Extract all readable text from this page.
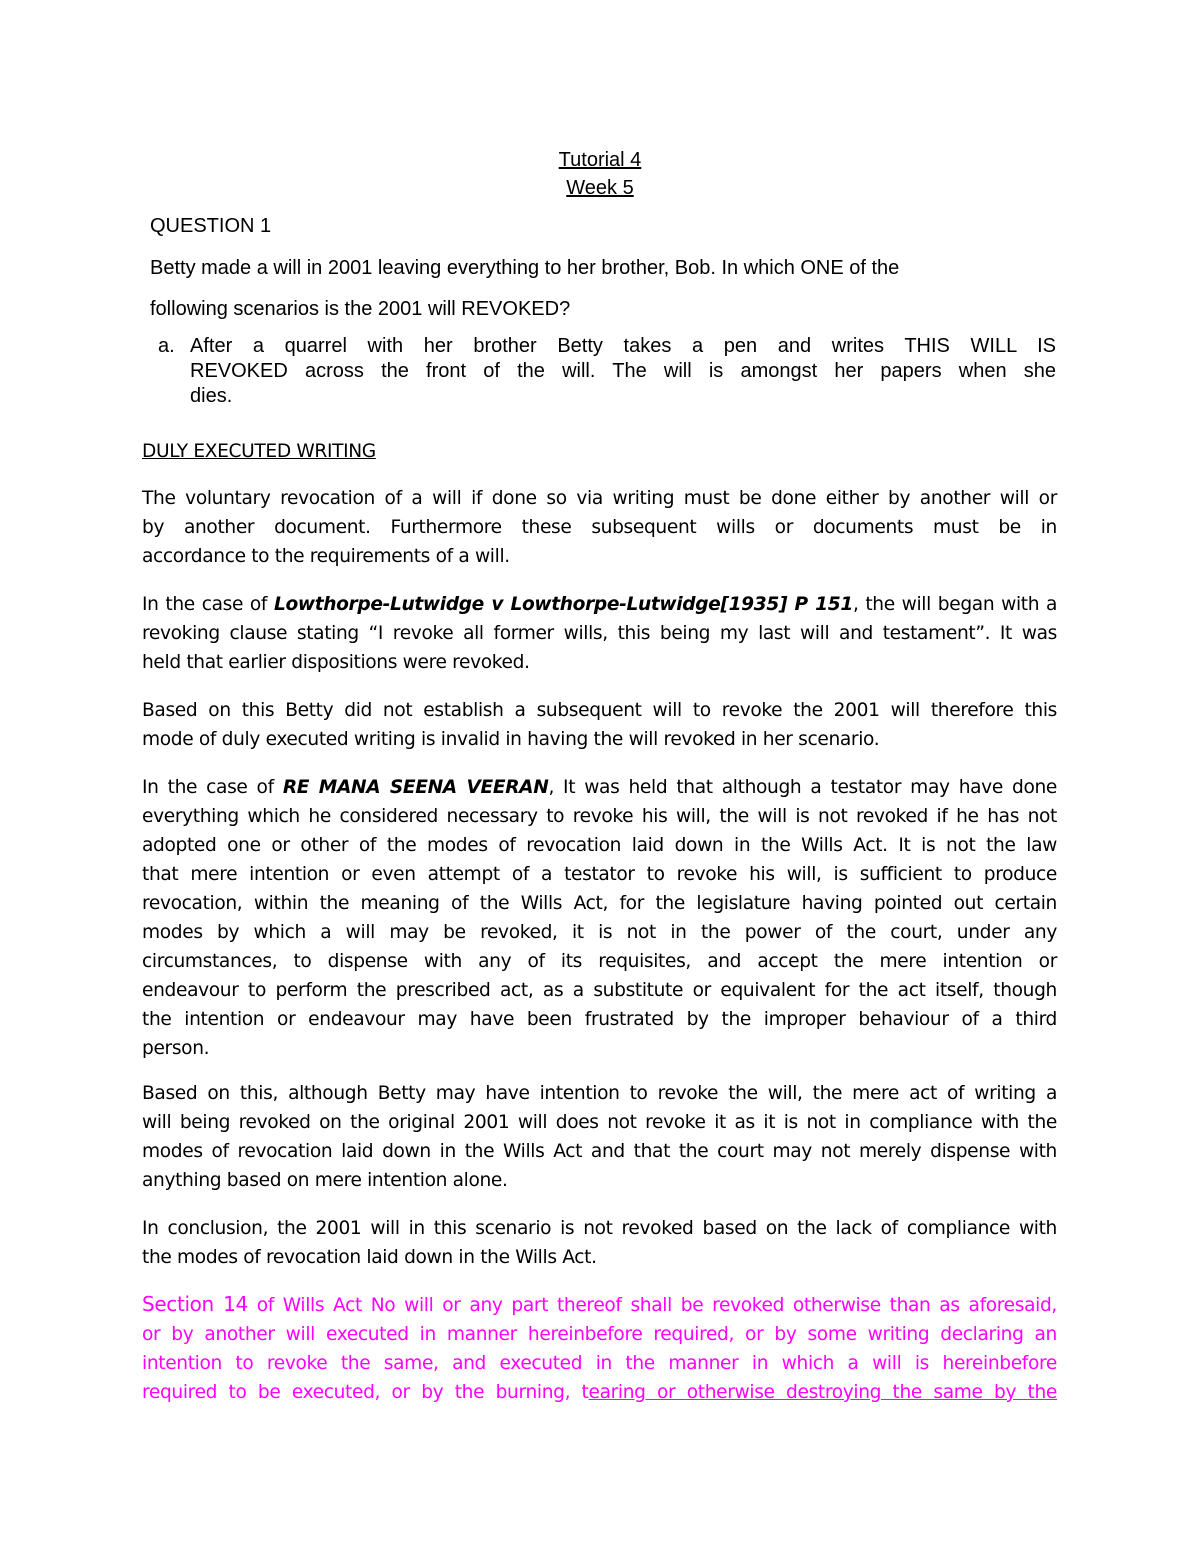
Tutorial 4
Week 5
QUESTION 1
Betty made a will in 2001 leaving everything to her brother, Bob. In which ONE of the
following scenarios is the 2001 will REVOKED?
a. After a quarrel with her brother Betty takes a pen and writes THIS WILL IS
REVOKED across the front of the will. The will is amongst her papers when she
dies.
DULY EXECUTED WRITING
The voluntary revocation of a will if done so via writing must be done either by another will or
by another document. Furthermore these subsequent wills or documents must be in
accordance to the requirements of a will.
In the case of Lowthorpe-Lutwidge v Lowthorpe-Lutwidge[1935] P 151, the will began with a
revoking clause stating “I revoke all former wills, this being my last will and testament”. It was
held that earlier dispositions were revoked.
Based on this Betty did not establish a subsequent will to revoke the 2001 will therefore this
mode of duly executed writing is invalid in having the will revoked in her scenario.
In the case of RE MANA SEENA VEERAN, It was held that although a testator may have done
everything which he considered necessary to revoke his will, the will is not revoked if he has not
adopted one or other of the modes of revocation laid down in the Wills Act. It is not the law
that mere intention or even attempt of a testator to revoke his will, is sufficient to produce
revocation, within the meaning of the Wills Act, for the legislature having pointed out certain
modes by which a will may be revoked, it is not in the power of the court, under any
circumstances, to dispense with any of its requisites, and accept the mere intention or
endeavour to perform the prescribed act, as a substitute or equivalent for the act itself, though
the intention or endeavour may have been frustrated by the improper behaviour of a third
person.
Based on this, although Betty may have intention to revoke the will, the mere act of writing a
will being revoked on the original 2001 will does not revoke it as it is not in compliance with the
modes of revocation laid down in the Wills Act and that the court may not merely dispense with
anything based on mere intention alone.
In conclusion, the 2001 will in this scenario is not revoked based on the lack of compliance with
the modes of revocation laid down in the Wills Act.
Section 14 of Wills Act No will or any part thereof shall be revoked otherwise than as aforesaid,
or by another will executed in manner hereinbefore required, or by some writing declaring an
intention to revoke the same, and executed in the manner in which a will is hereinbefore
required to be executed, or by the burning, tearing or otherwise destroying the same by the
